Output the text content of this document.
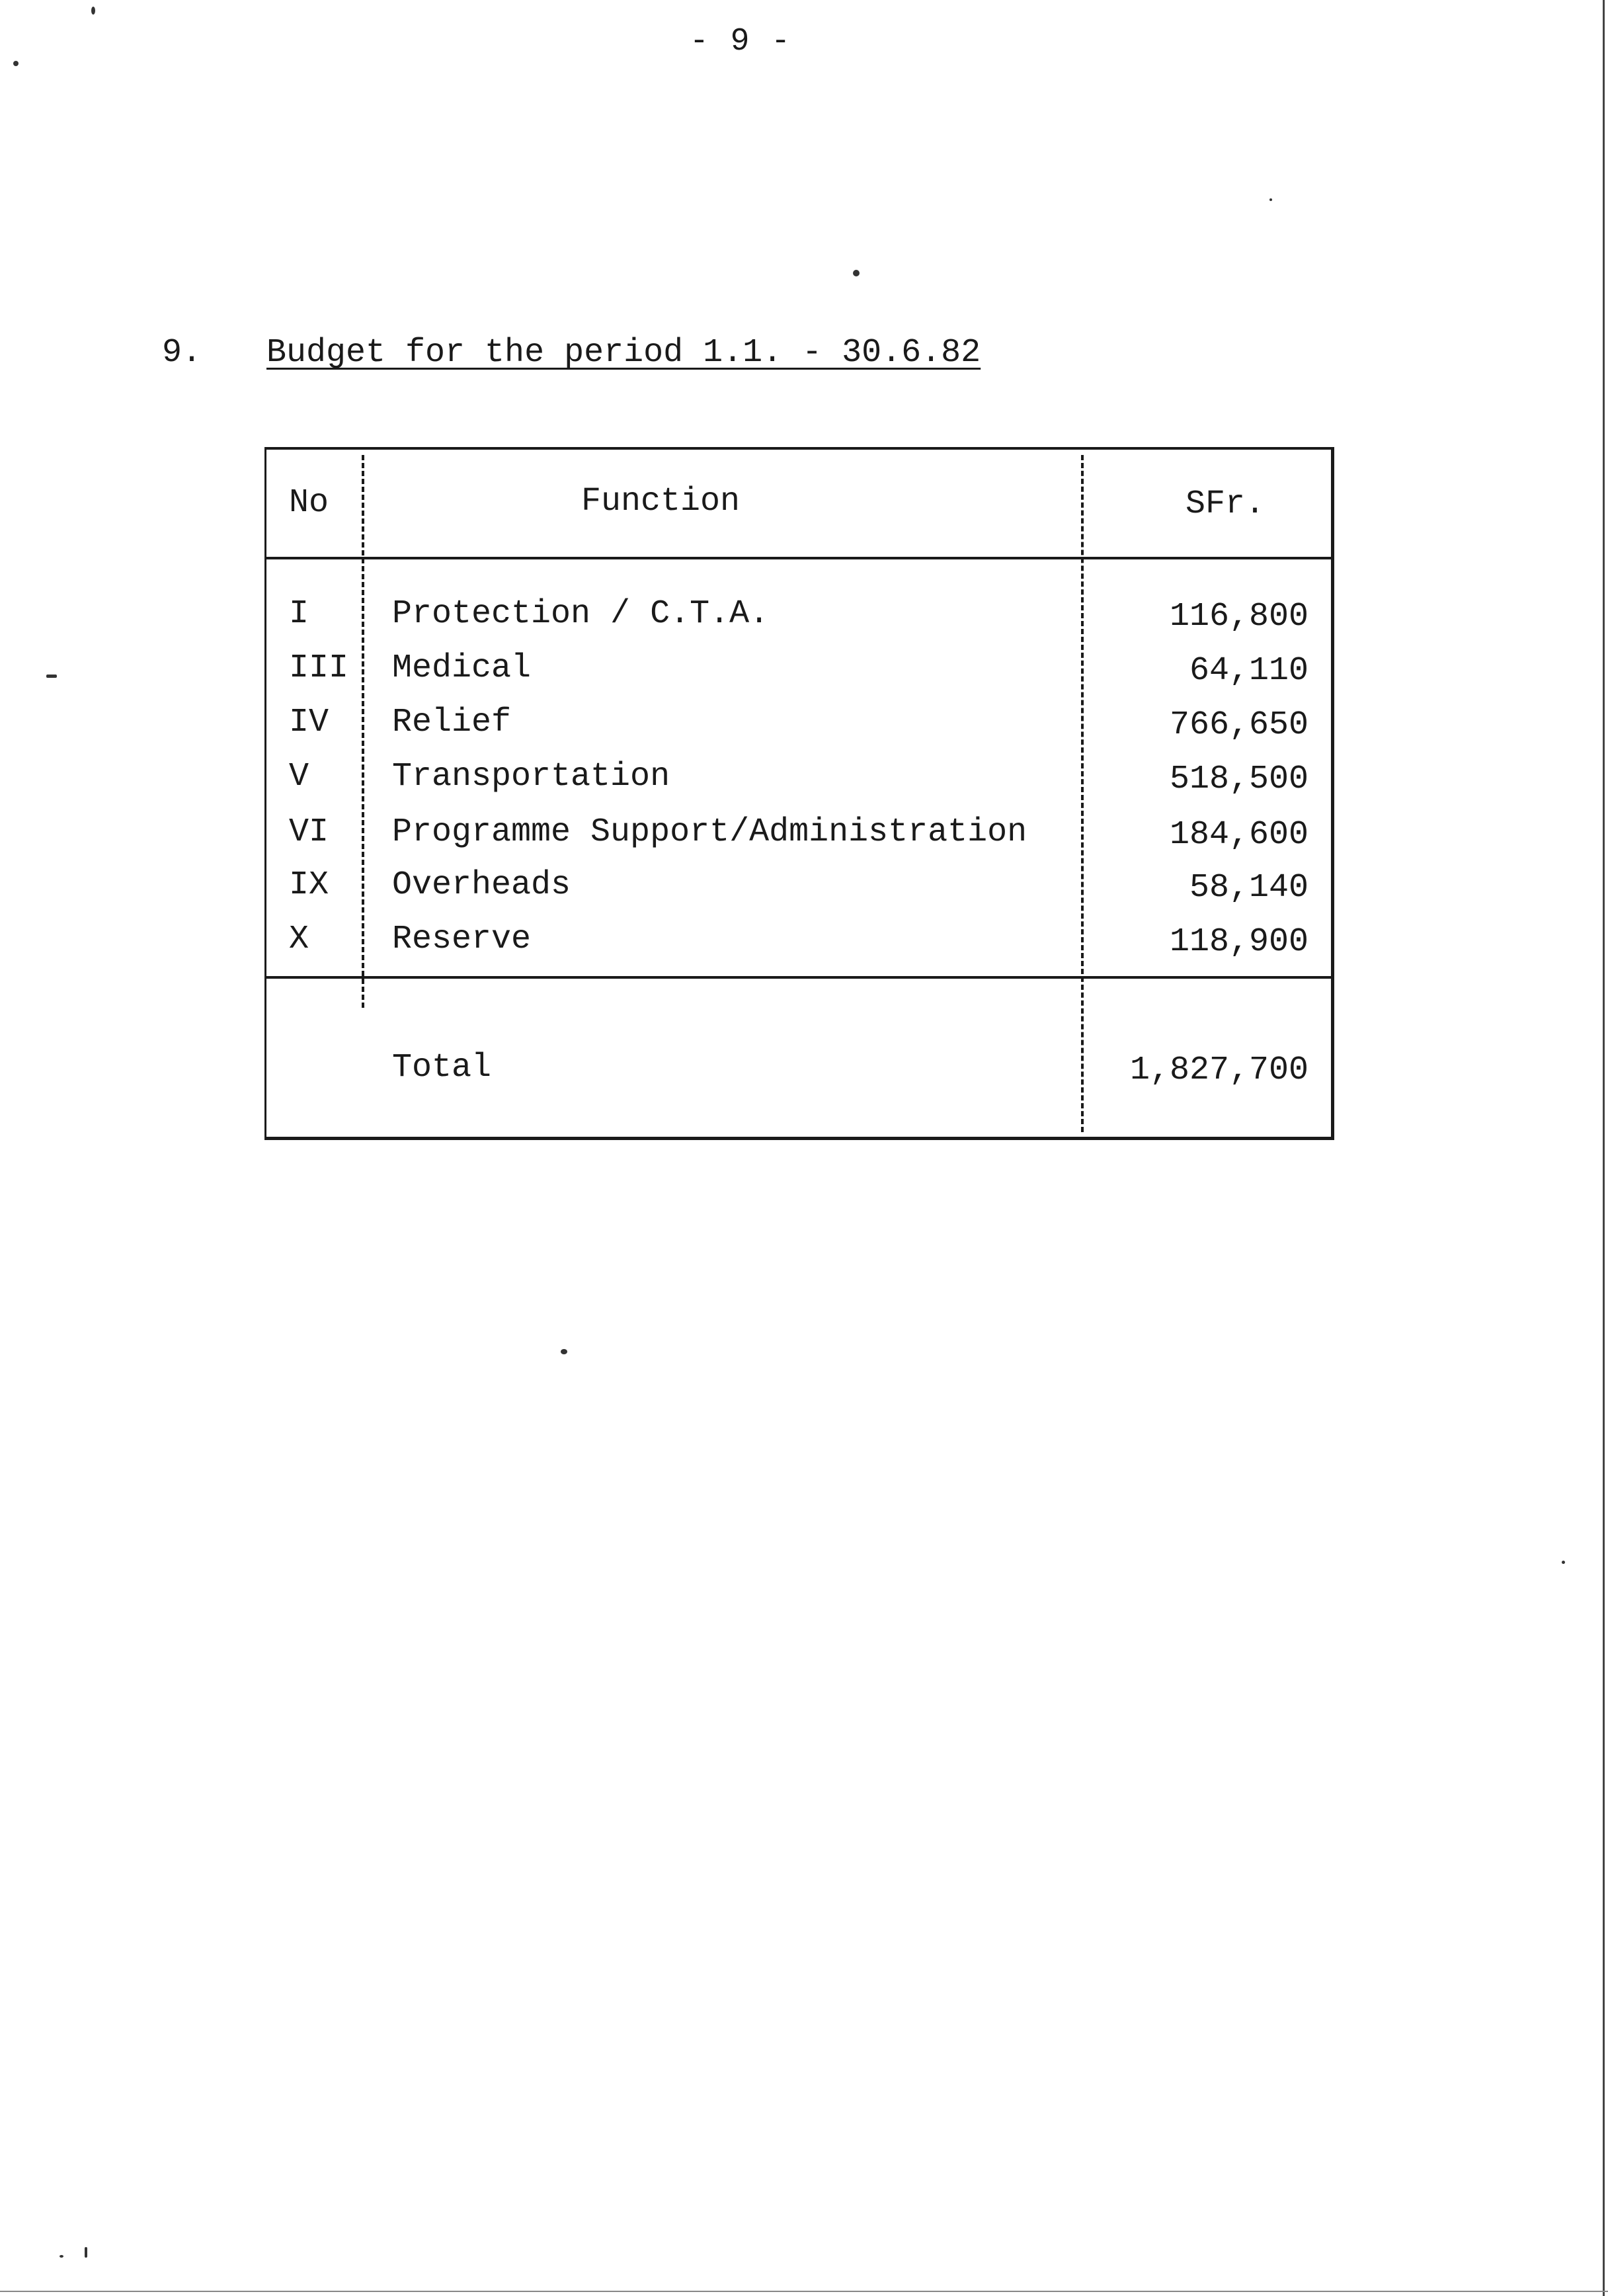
- 9 -
9. Budget for the period 1.1. - 30.6.82
No	Function	SFr.
I	Protection / C.T.A.	116,800
III Medical	64,110
IV Relief	766,650
V	Transportation	518,500
VI Programme Support/Administration	184,600
IX Overheads	58,140
X	Reserve	118,900
Total	1,827,700
